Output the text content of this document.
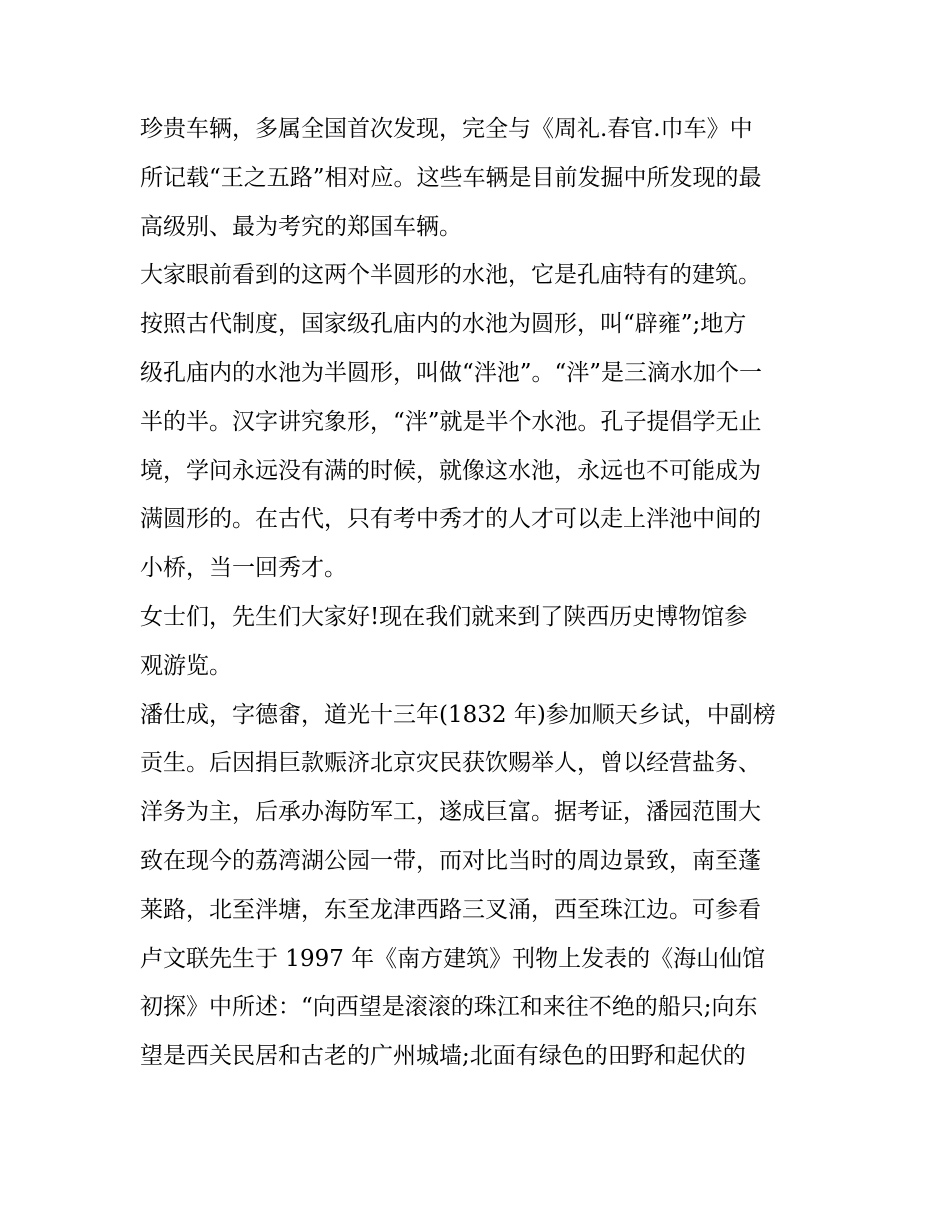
珍贵车辆，多属全国首次发现，完全与《周礼.春官.巾车》中
所记载“王之五路”相对应。这些车辆是目前发掘中所发现的最
高级别、最为考究的郑国车辆。
大家眼前看到的这两个半圆形的水池，它是孔庙特有的建筑。
按照古代制度，国家级孔庙内的水池为圆形，叫“辟雍”;地方
级孔庙内的水池为半圆形，叫做“泮池”。“泮”是三滴水加个一
半的半。汉字讲究象形，“泮”就是半个水池。孔子提倡学无止
境，学问永远没有满的时候，就像这水池，永远也不可能成为
满圆形的。在古代，只有考中秀才的人才可以走上泮池中间的
小桥，当一回秀才。
女士们，先生们大家好!现在我们就来到了陕西历史博物馆参
观游览。
潘仕成，字德畬，道光十三年(1832 年)参加顺天乡试，中副榜
贡生。后因捐巨款赈济北京灾民获饮赐举人，曾以经营盐务、
洋务为主，后承办海防军工，遂成巨富。据考证，潘园范围大
致在现今的荔湾湖公园一带，而对比当时的周边景致，南至蓬
莱路，北至泮塘，东至龙津西路三叉涌，西至珠江边。可参看
卢文联先生于 1997 年《南方建筑》刊物上发表的《海山仙馆
初探》中所述：“向西望是滚滚的珠江和来往不绝的船只;向东
望是西关民居和古老的广州城墙;北面有绿色的田野和起伏的
